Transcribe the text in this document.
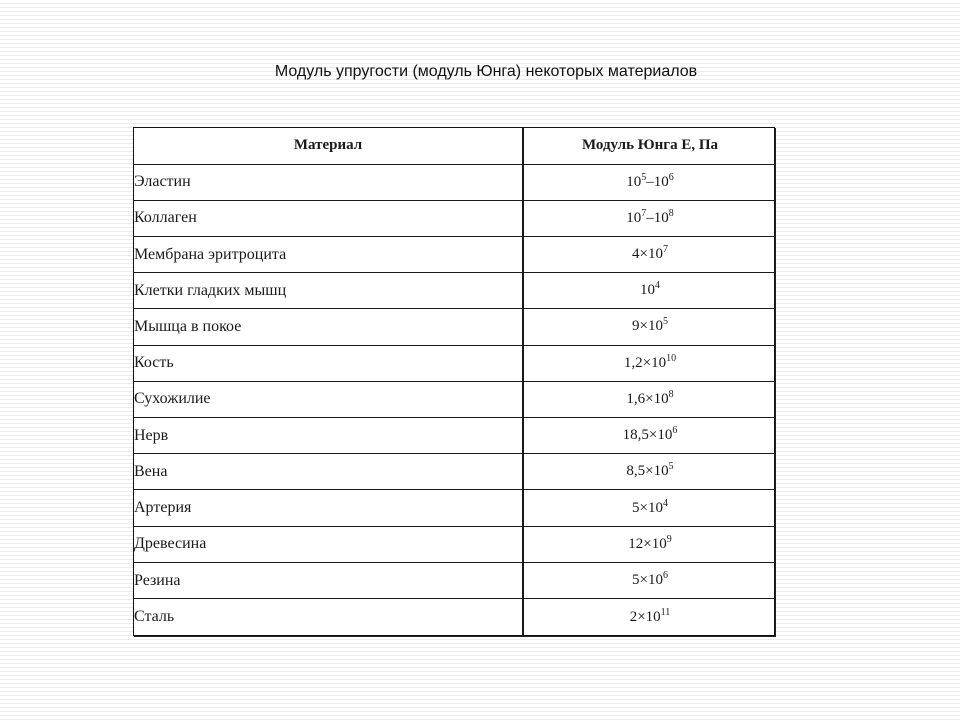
Модуль упругости (модуль Юнга) некоторых материалов
Материал	Модуль Юнга Е, Па
Эластин	$10^5-10^6$
Коллаген	$10^7-10^8$
Мембрана эритроцита	$4\times 10^7$
Клетки гладких мышц	$10^4$
Мышца в покое	$9\times 10^5$
Кость	$1,2\times 10^{10}$
Сухожилие	$1,6\times 10^8$
Нерв	$18,5\times 10^6$
Вена	$8,5\times 10^5$
Артерия	$5\times 10^4$
Древесина	$12\times 10^9$
Резина	$5\times 10^6$
Сталь	$2\times 10^{11}$
